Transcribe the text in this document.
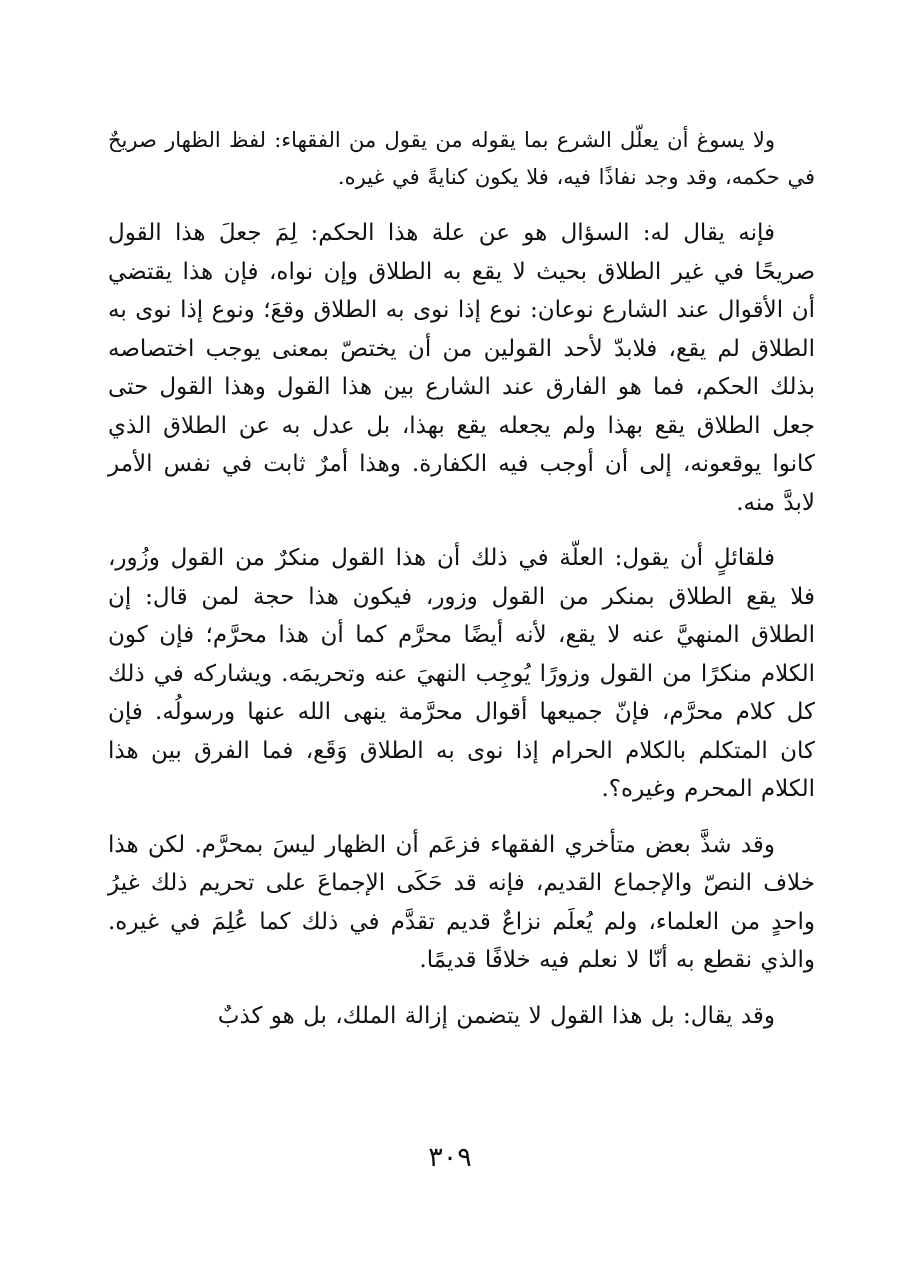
ولا يسوغ أن يعلّل الشرع بما يقوله من يقول من الفقهاء: لفظ الظهار صريحٌ في حكمه، وقد وجد نفاذًا فيه، فلا يكون كنايةً في غيره.

فإنه يقال له: السؤال هو عن علة هذا الحكم: لِمَ جعلَ هذا القول صريحًا في غير الطلاق بحيث لا يقع به الطلاق وإن نواه، فإن هذا يقتضي أن الأقوال عند الشارع نوعان: نوع إذا نوى به الطلاق وقعَ؛ ونوع إذا نوى به الطلاق لم يقع، فلابدّ لأحد القولين من أن يختصّ بمعنى يوجب اختصاصه بذلك الحكم، فما هو الفارق عند الشارع بين هذا القول وهذا القول حتى جعل الطلاق يقع بهذا ولم يجعله يقع بهذا، بل عدل به عن الطلاق الذي كانوا يوقعونه، إلى أن أوجب فيه الكفارة. وهذا أمرٌ ثابت في نفس الأمر لابدَّ منه.

فلقائلٍ أن يقول: العلّة في ذلك أن هذا القول منكرٌ من القول وزُور، فلا يقع الطلاق بمنكر من القول وزور، فيكون هذا حجة لمن قال: إن الطلاق المنهيَّ عنه لا يقع، لأنه أيضًا محرَّم كما أن هذا محرَّم؛ فإن كون الكلام منكرًا من القول وزورًا يُوجِب النهيَ عنه وتحريمَه. ويشاركه في ذلك كل كلام محرَّم، فإنّ جميعها أقوال محرَّمة ينهى الله عنها ورسولُه. فإن كان المتكلم بالكلام الحرام إذا نوى به الطلاق وَقَع، فما الفرق بين هذا الكلام المحرم وغيره؟.

وقد شذَّ بعض متأخري الفقهاء فزعَم أن الظهار ليسَ بمحرَّم. لكن هذا خلاف النصّ والإجماع القديم، فإنه قد حَكَى الإجماعَ على تحريم ذلك غيرُ واحدٍ من العلماء، ولم يُعلَم نزاعٌ قديم تقدَّم في ذلك كما عُلِمَ في غيره. والذي نقطع به أنّا لا نعلم فيه خلافًا قديمًا.

وقد يقال: بل هذا القول لا يتضمن إزالة الملك، بل هو كذبٌ

٣٠٩
